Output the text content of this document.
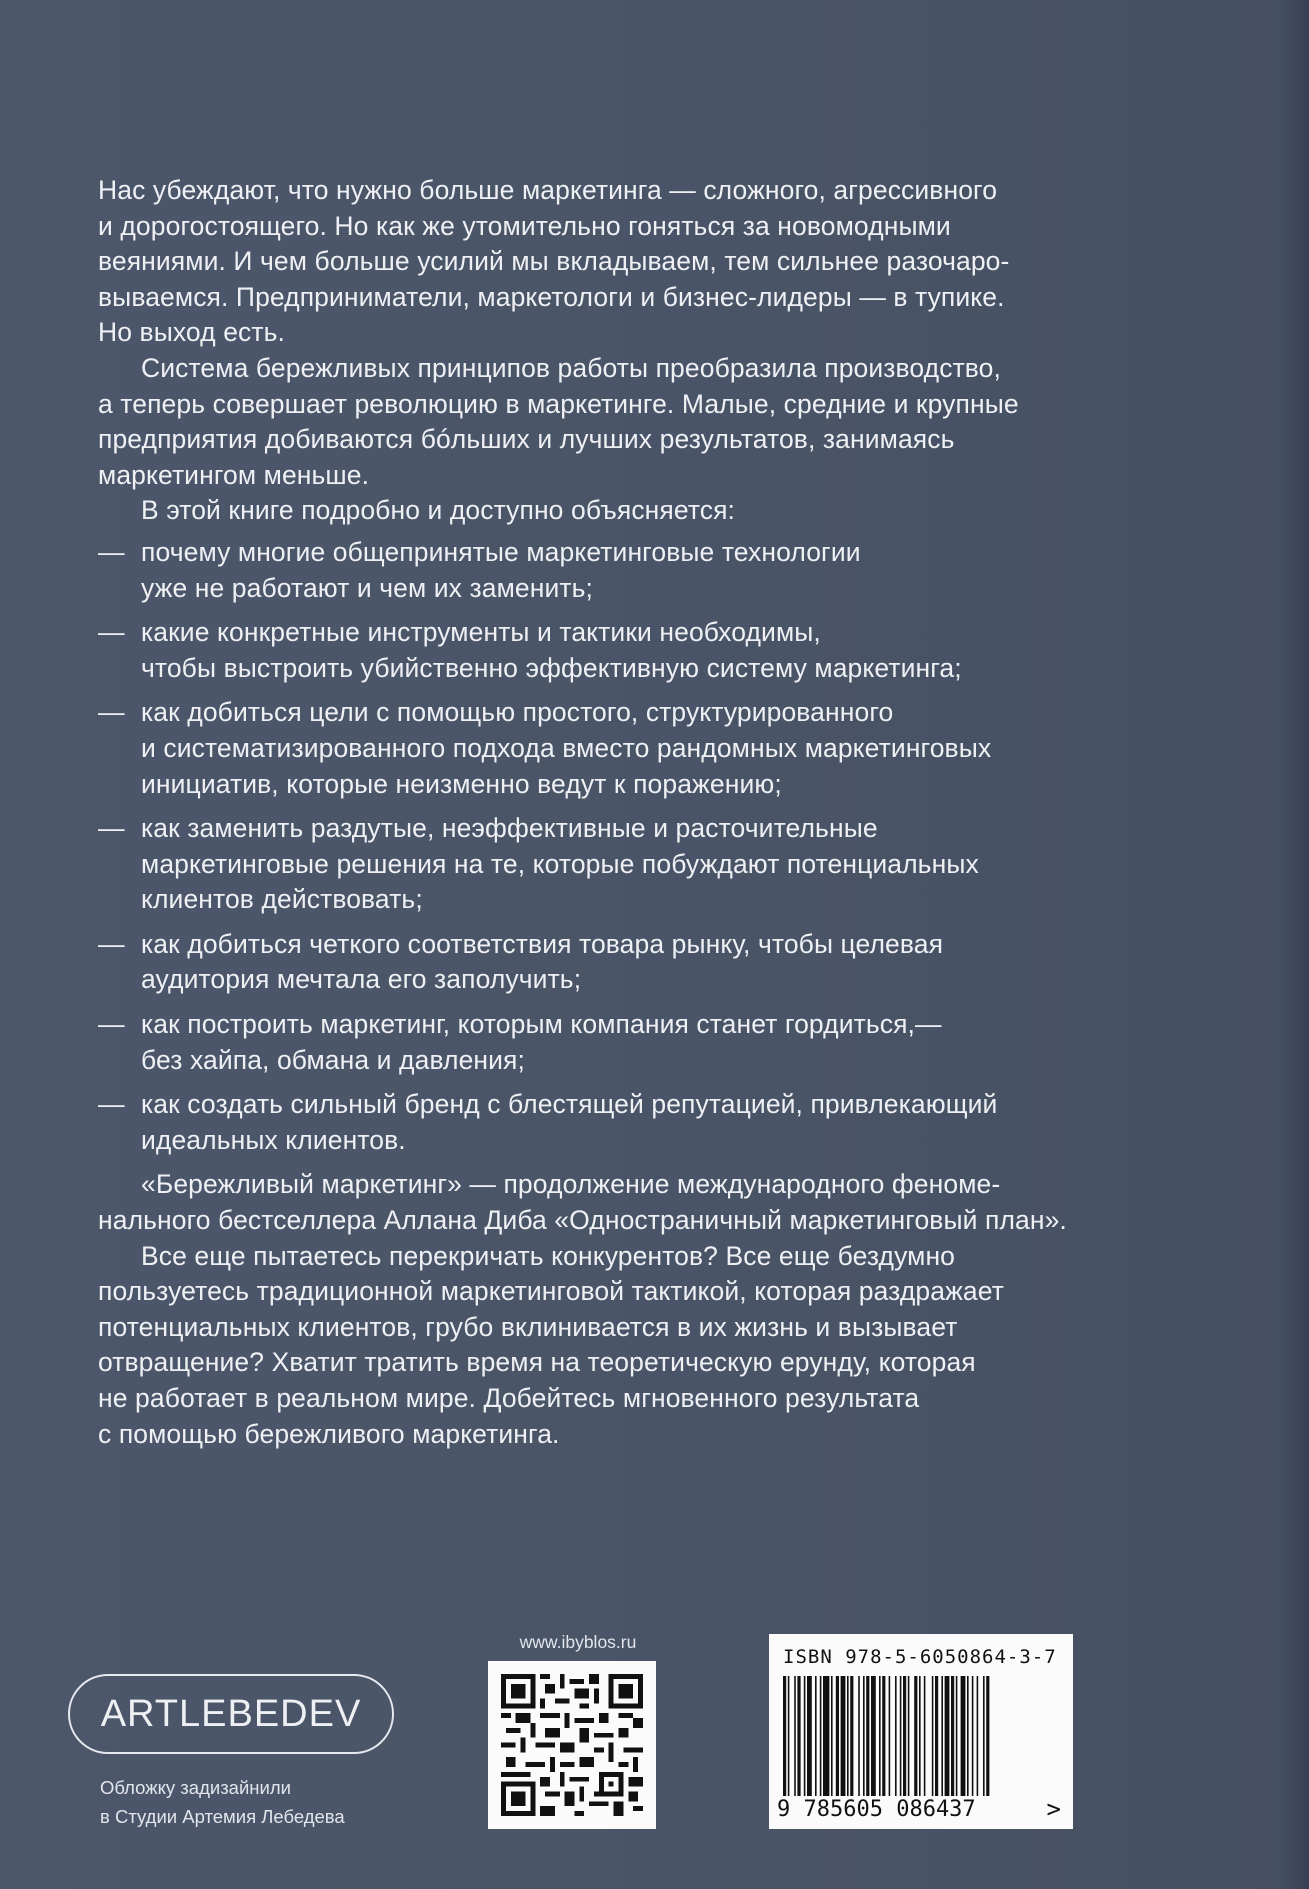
Нас убеждают, что нужно больше маркетинга — сложного, агрессивного
и дорогостоящего. Но как же утомительно гоняться за новомодными
веяниями. И чем больше усилий мы вкладываем, тем сильнее разочаро-
вываемся. Предприниматели, маркетологи и бизнес-лидеры — в тупике.
Но выход есть.

Система бережливых принципов работы преобразила производство,
а теперь совершает революцию в маркетинге. Малые, средние и крупные
предприятия добиваются бóльших и лучших результатов, занимаясь
маркетингом меньше.

В этой книге подробно и доступно объясняется:

— почему многие общепринятые маркетинговые технологии
уже не работают и чем их заменить;
— какие конкретные инструменты и тактики необходимы,
чтобы выстроить убийственно эффективную систему маркетинга;
— как добиться цели с помощью простого, структурированного
и систематизированного подхода вместо рандомных маркетинговых
инициатив, которые неизменно ведут к поражению;
— как заменить раздутые, неэффективные и расточительные
маркетинговые решения на те, которые побуждают потенциальных
клиентов действовать;
— как добиться четкого соответствия товара рынку, чтобы целевая
аудитория мечтала его заполучить;
— как построить маркетинг, которым компания станет гордиться,—
без хайпа, обмана и давления;
— как создать сильный бренд с блестящей репутацией, привлекающий
идеальных клиентов.

«Бережливый маркетинг» — продолжение международного феноме-
нального бестселлера Аллана Диба «Одностраничный маркетинговый план».

Все еще пытаетесь перекричать конкурентов? Все еще бездумно
пользуетесь традиционной маркетинговой тактикой, которая раздражает
потенциальных клиентов, грубо вклинивается в их жизнь и вызывает
отвращение? Хватит тратить время на теоретическую ерунду, которая
не работает в реальном мире. Добейтесь мгновенного результата
с помощью бережливого маркетинга.

ARTLEBEDEV
Обложку задизайнили
в Студии Артемия Лебедева
www.ibyblos.ru
ISBN 978-5-6050864-3-7
9 785605 086437	>
